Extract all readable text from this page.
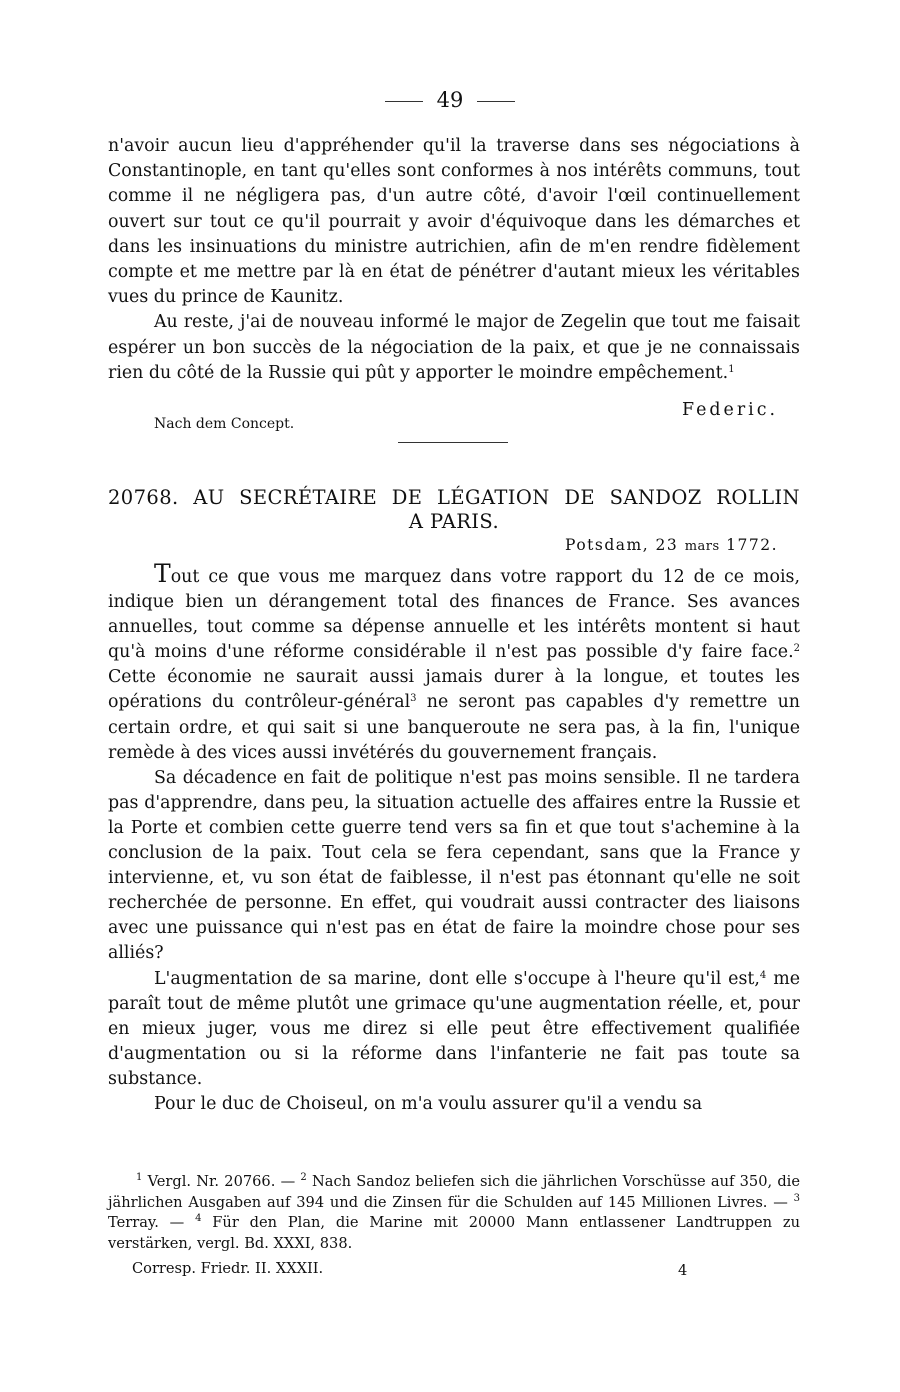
49

n'avoir aucun lieu d'appréhender qu'il la traverse dans ses négociations à Constantinople, en tant qu'elles sont conformes à nos intérêts communs, tout comme il ne négligera pas, d'un autre côté, d'avoir l'œil continuellement ouvert sur tout ce qu'il pourrait y avoir d'équivoque dans les démarches et dans les insinuations du ministre autrichien, afin de m'en rendre fidèlement compte et me mettre par là en état de pénétrer d'autant mieux les véritables vues du prince de Kaunitz.

Au reste, j'ai de nouveau informé le major de Zegelin que tout me faisait espérer un bon succès de la négociation de la paix, et que je ne connaissais rien du côté de la Russie qui pût y apporter le moindre empêchement.$^1$

Federic.
Nach dem Concept.
20768. AU SECRÉTAIRE DE LÉGATION DE SANDOZ ROLLIN
A PARIS.
Potsdam, 23 mars 1772.

Tout ce que vous me marquez dans votre rapport du 12 de ce mois, indique bien un dérangement total des finances de France. Ses avances annuelles, tout comme sa dépense annuelle et les intérêts montent si haut qu'à moins d'une réforme considérable il n'est pas possible d'y faire face.$^2$ Cette économie ne saurait aussi jamais durer à la longue, et toutes les opérations du contrôleur-général$^3$ ne seront pas capables d'y remettre un certain ordre, et qui sait si une banqueroute ne sera pas, à la fin, l'unique remède à des vices aussi invétérés du gouvernement français.

Sa décadence en fait de politique n'est pas moins sensible. Il ne tardera pas d'apprendre, dans peu, la situation actuelle des affaires entre la Russie et la Porte et combien cette guerre tend vers sa fin et que tout s'achemine à la conclusion de la paix. Tout cela se fera cependant, sans que la France y intervienne, et, vu son état de faiblesse, il n'est pas étonnant qu'elle ne soit recherchée de personne. En effet, qui voudrait aussi contracter des liaisons avec une puissance qui n'est pas en état de faire la moindre chose pour ses alliés?

L'augmentation de sa marine, dont elle s'occupe à l'heure qu'il est,$^4$ me paraît tout de même plutôt une grimace qu'une augmentation réelle, et, pour en mieux juger, vous me direz si elle peut être effectivement qualifiée d'augmentation ou si la réforme dans l'infanterie ne fait pas toute sa substance.

Pour le duc de Choiseul, on m'a voulu assurer qu'il a vendu sa

$^1$ Vergl. Nr. 20766. — $^2$ Nach Sandoz beliefen sich die jährlichen Vorschüsse auf 350, die jährlichen Ausgaben auf 394 und die Zinsen für die Schulden auf 145 Millionen Livres. — $^3$ Terray. — $^4$ Für den Plan, die Marine mit 20000 Mann entlassener Landtruppen zu verstärken, vergl. Bd. XXXI, 838.

Corresp. Friedr. II. XXXII.	4
